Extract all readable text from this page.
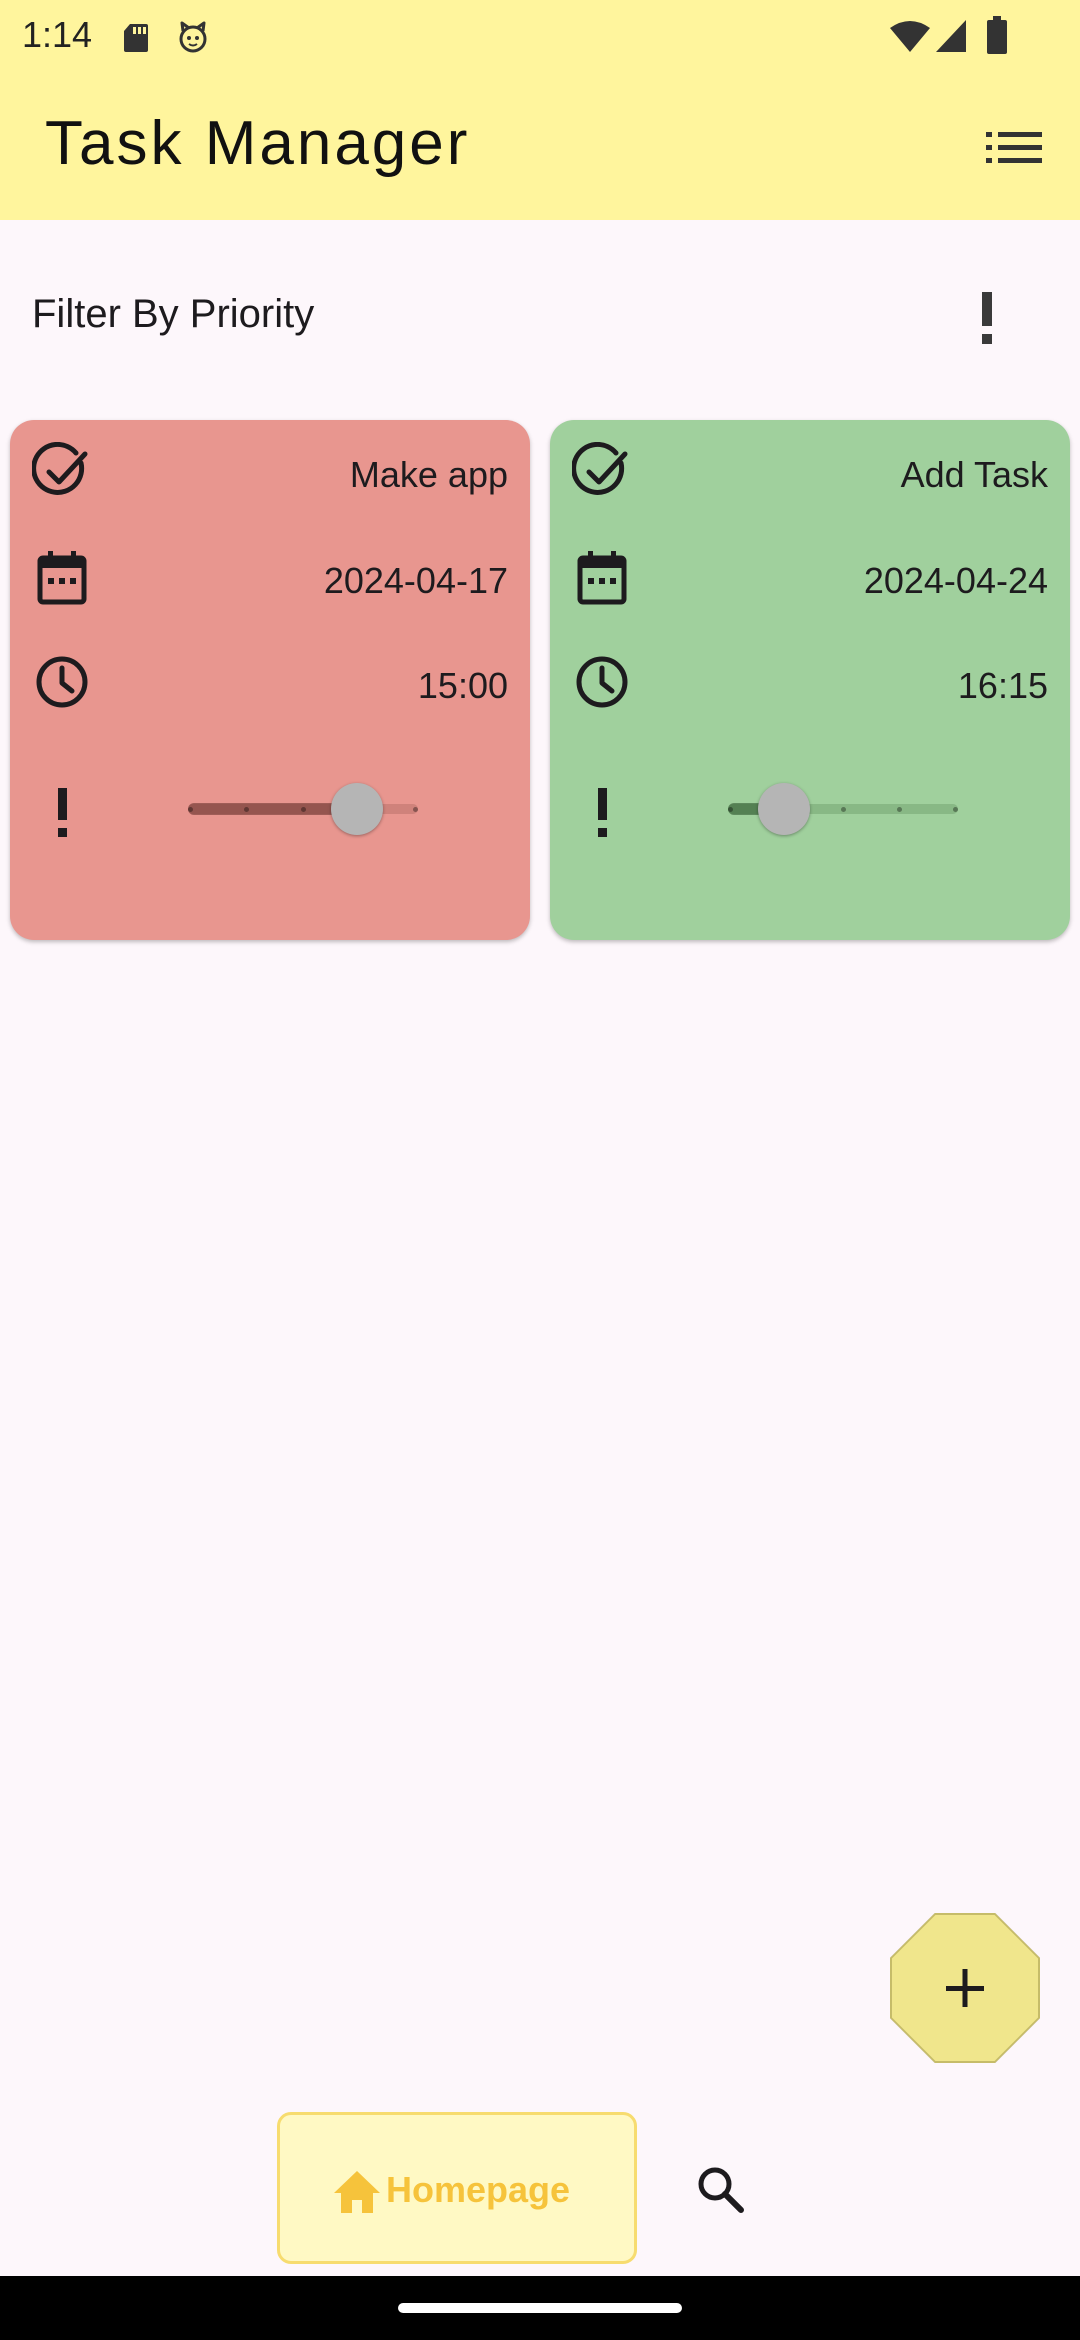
1:14
Task Manager
Filter By Priority
Make app
2024-04-17
15:00
Add Task
2024-04-24
16:15
Homepage
